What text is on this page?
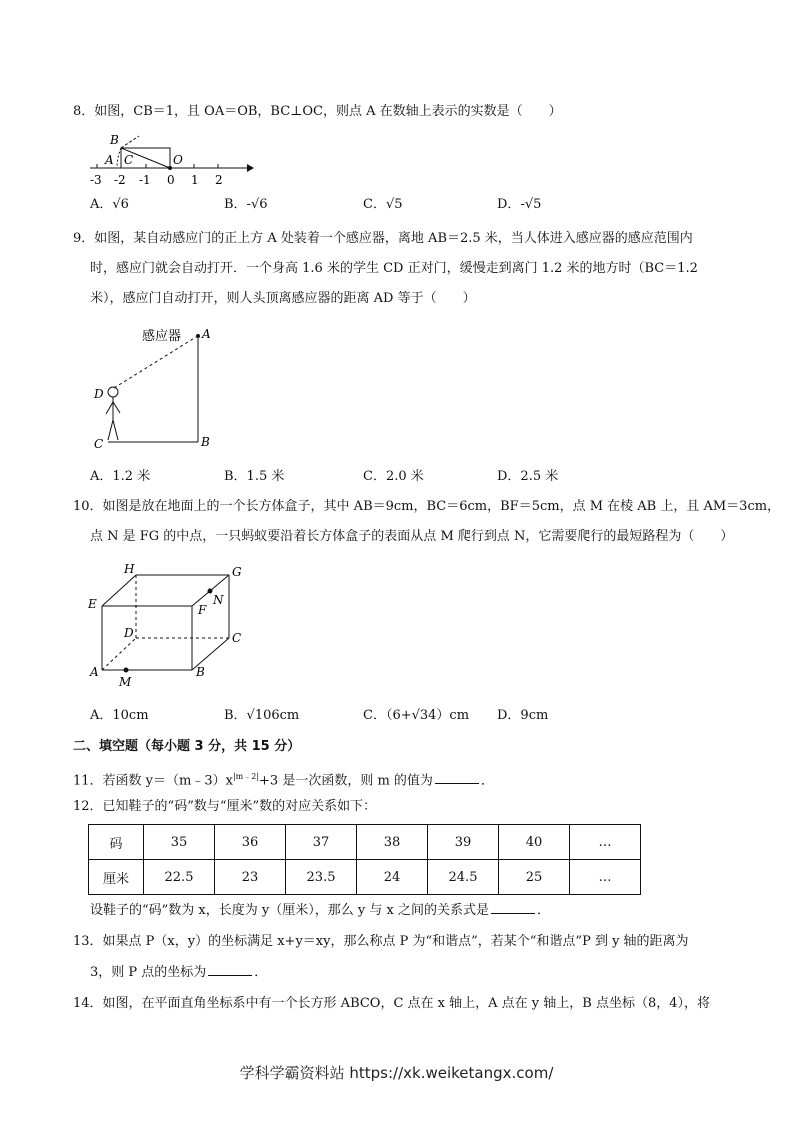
8．如图，CB＝1，且 OA＝OB，BC⊥OC，则点 A 在数轴上表示的实数是（　　）
B
A C	O
-3 -2 -1 0 1 2
A．√6	B．-√6	C．√5	D．-√5
9．如图，某自动感应门的正上方 A 处装着一个感应器，离地 AB＝2.5 米，当人体进入感应器的感应范围内
时，感应门就会自动打开．一个身高 1.6 米的学生 CD 正对门，缓慢走到离门 1.2 米的地方时（BC＝1.2
米），感应门自动打开，则人头顶离感应器的距离 AD 等于（　　）
感应器 A
B
C
D
A．1.2 米	B．1.5 米	C．2.0 米	D．2.5 米
10．如图是放在地面上的一个长方体盒子，其中 AB＝9cm，BC＝6cm，BF＝5cm，点 M 在棱 AB 上，且 AM＝3cm，
点 N 是 FG 的中点，一只蚂蚁要沿着长方体盒子的表面从点 M 爬行到点 N，它需要爬行的最短路程为（　　）
H	G
E	F
N
D	C
A	B
M
A．10cm	B．√106cm	C．（6+√34）cm D．9cm
二、填空题（每小题 3 分，共 15 分）
11．若函数 $y=(m﹣3)x^{|m﹣2|}+3$ 是一次函数，则 m 的值为	．
12．已知鞋子的“码”数与“厘米”数的对应关系如下：
码	35	36	37	38	39	40	…
厘米	22.5	23	23.5	24	24.5	25	…
设鞋子的“码”数为 x，长度为 y（厘米），那么 y 与 x 之间的关系式是	．
13．如果点 P（x，y）的坐标满足 x+y＝xy，那么称点 P 为“和谐点”，若某个“和谐点”P 到 y 轴的距离为
3，则 P 点的坐标为	．
14．如图，在平面直角坐标系中有一个长方形 ABCO，C 点在 x 轴上，A 点在 y 轴上，B 点坐标（8，4），将
学科学霸资料站 https://xk.weiketangx.com/
